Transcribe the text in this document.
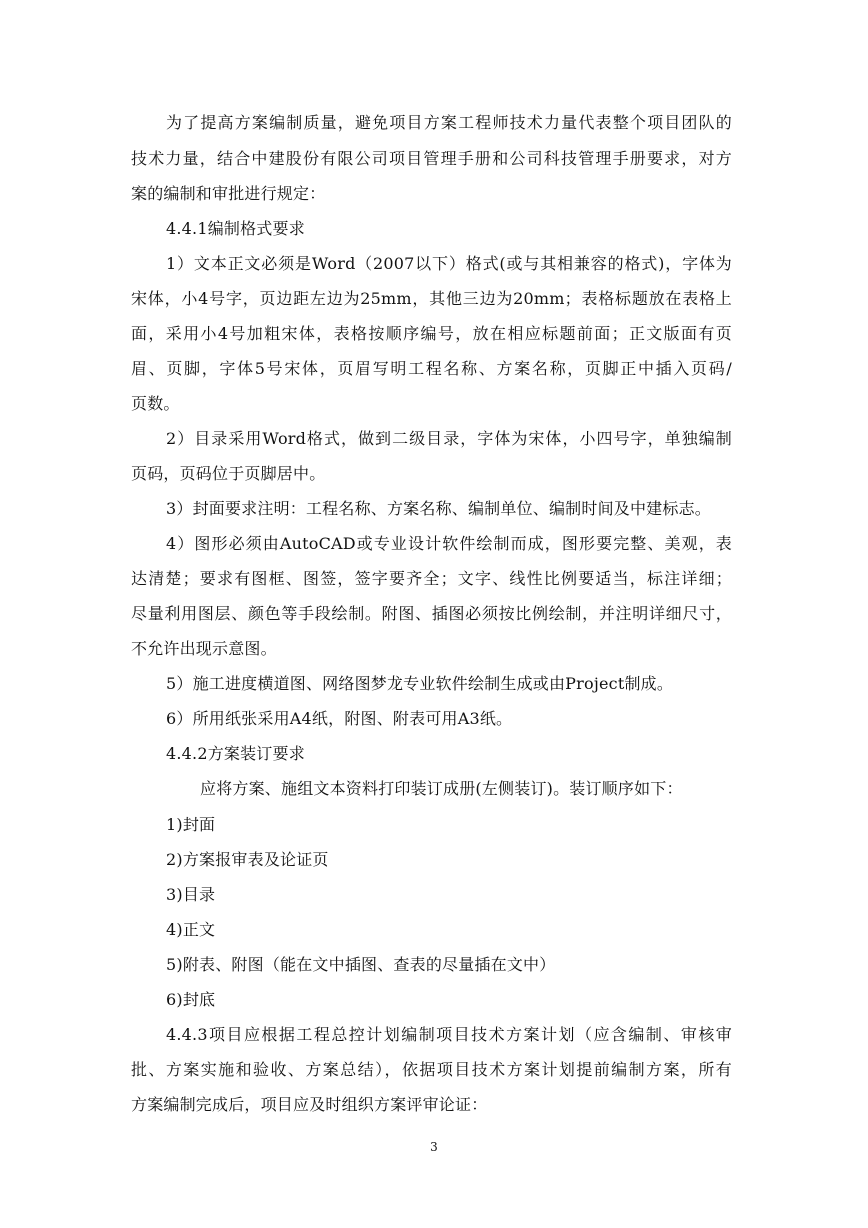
为了提高方案编制质量，避免项目方案工程师技术力量代表整个项目团队的
技术力量，结合中建股份有限公司项目管理手册和公司科技管理手册要求，对方
案的编制和审批进行规定：
4.4.1编制格式要求
1）文本正文必须是Word（2007以下）格式(或与其相兼容的格式)，字体为
宋体，小4号字，页边距左边为25mm，其他三边为20mm；表格标题放在表格上
面，采用小4号加粗宋体，表格按顺序编号，放在相应标题前面；正文版面有页
眉、页脚，字体5号宋体，页眉写明工程名称、方案名称，页脚正中插入页码/
页数。
2）目录采用Word格式，做到二级目录，字体为宋体，小四号字，单独编制
页码，页码位于页脚居中。
3）封面要求注明：工程名称、方案名称、编制单位、编制时间及中建标志。
4）图形必须由AutoCAD或专业设计软件绘制而成，图形要完整、美观，表
达清楚；要求有图框、图签，签字要齐全；文字、线性比例要适当，标注详细；
尽量利用图层、颜色等手段绘制。附图、插图必须按比例绘制，并注明详细尺寸，
不允许出现示意图。
5）施工进度横道图、网络图梦龙专业软件绘制生成或由Project制成。
6）所用纸张采用A4纸，附图、附表可用A3纸。
4.4.2方案装订要求
应将方案、施组文本资料打印装订成册(左侧装订)。装订顺序如下：
1)封面
2)方案报审表及论证页
3)目录
4)正文
5)附表、附图（能在文中插图、查表的尽量插在文中）
6)封底
4.4.3项目应根据工程总控计划编制项目技术方案计划（应含编制、审核审
批、方案实施和验收、方案总结），依据项目技术方案计划提前编制方案，所有
方案编制完成后，项目应及时组织方案评审论证：
3
